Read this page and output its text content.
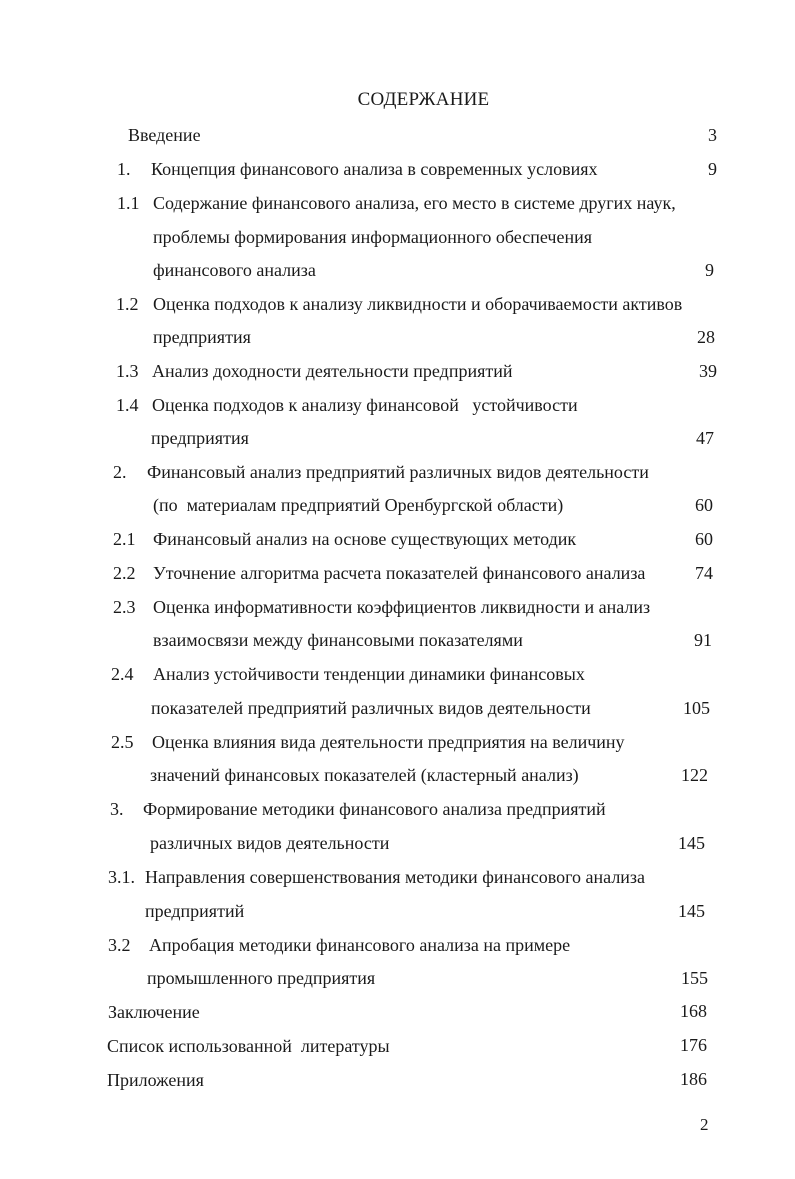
СОДЕРЖАНИЕ
Введение	3
1. Концепция финансового анализа в современных условиях	9
1.1 Содержание финансового анализа, его место в системе других наук,
проблемы формирования информационного обеспечения
финансового анализа	9
1.2 Оценка подходов к анализу ликвидности и оборачиваемости активов
предприятия	28
1.3 Анализ доходности деятельности предприятий	39
1.4 Оценка подходов к анализу финансовой   устойчивости
предприятия	47
2. Финансовый анализ предприятий различных видов деятельности
(по  материалам предприятий Оренбургской области)	60
2.1 Финансовый анализ на основе существующих методик	60
2.2 Уточнение алгоритма расчета показателей финансового анализа	74
2.3 Оценка информативности коэффициентов ликвидности и анализ
взаимосвязи между финансовыми показателями	91
2.4 Анализ устойчивости тенденции динамики финансовых
показателей предприятий различных видов деятельности	105
2.5 Оценка влияния вида деятельности предприятия на величину
значений финансовых показателей (кластерный анализ)	122
3. Формирование методики финансового анализа предприятий
различных видов деятельности	145
3.1. Направления совершенствования методики финансового анализа
предприятий	145
3.2 Апробация методики финансового анализа на примере
промышленного предприятия	155
Заключение	168
Список использованной  литературы	176
Приложения	186
2
